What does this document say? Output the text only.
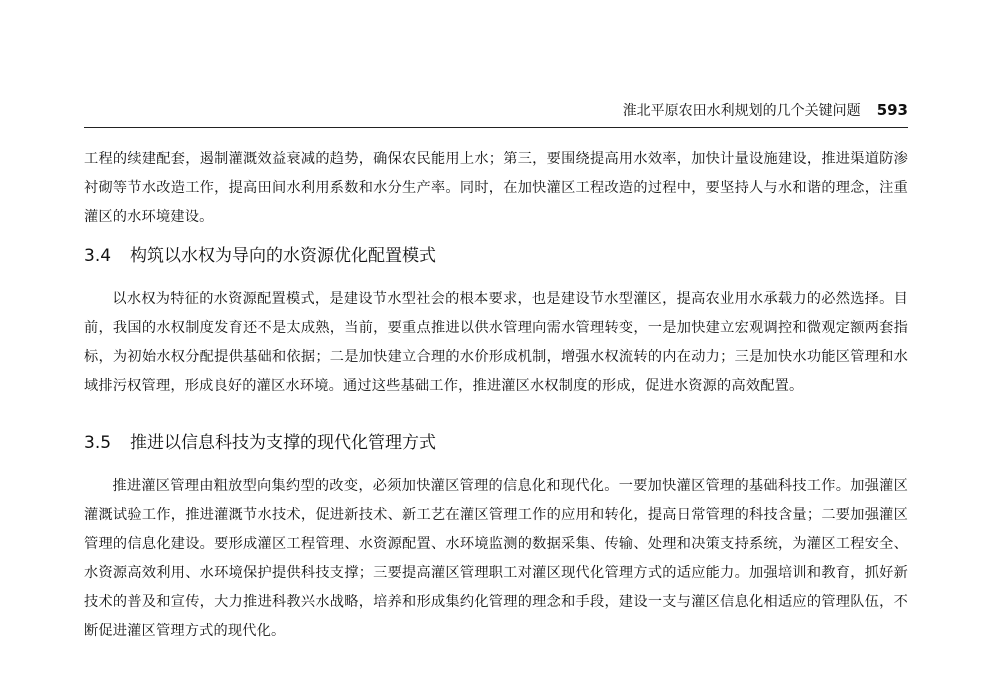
淮北平原农田水利规划的几个关键问题 593

工程的续建配套，遏制灌溉效益衰减的趋势，确保农民能用上水；第三，要围绕提高用水效率，加快计量设施建设，推进渠道防渗衬砌等节水改造工作，提高田间水利用系数和水分生产率。同时，在加快灌区工程改造的过程中，要坚持人与水和谐的理念，注重灌区的水环境建设。

3.4 构筑以水权为导向的水资源优化配置模式

以水权为特征的水资源配置模式，是建设节水型社会的根本要求，也是建设节水型灌区，提高农业用水承载力的必然选择。目前，我国的水权制度发育还不是太成熟，当前，要重点推进以供水管理向需水管理转变，一是加快建立宏观调控和微观定额两套指标，为初始水权分配提供基础和依据；二是加快建立合理的水价形成机制，增强水权流转的内在动力；三是加快水功能区管理和水域排污权管理，形成良好的灌区水环境。通过这些基础工作，推进灌区水权制度的形成，促进水资源的高效配置。

3.5 推进以信息科技为支撑的现代化管理方式

推进灌区管理由粗放型向集约型的改变，必须加快灌区管理的信息化和现代化。一要加快灌区管理的基础科技工作。加强灌区灌溉试验工作，推进灌溉节水技术，促进新技术、新工艺在灌区管理工作的应用和转化，提高日常管理的科技含量；二要加强灌区管理的信息化建设。要形成灌区工程管理、水资源配置、水环境监测的数据采集、传输、处理和决策支持系统，为灌区工程安全、水资源高效利用、水环境保护提供科技支撑；三要提高灌区管理职工对灌区现代化管理方式的适应能力。加强培训和教育，抓好新技术的普及和宣传，大力推进科教兴水战略，培养和形成集约化管理的理念和手段，建设一支与灌区信息化相适应的管理队伍，不断促进灌区管理方式的现代化。
